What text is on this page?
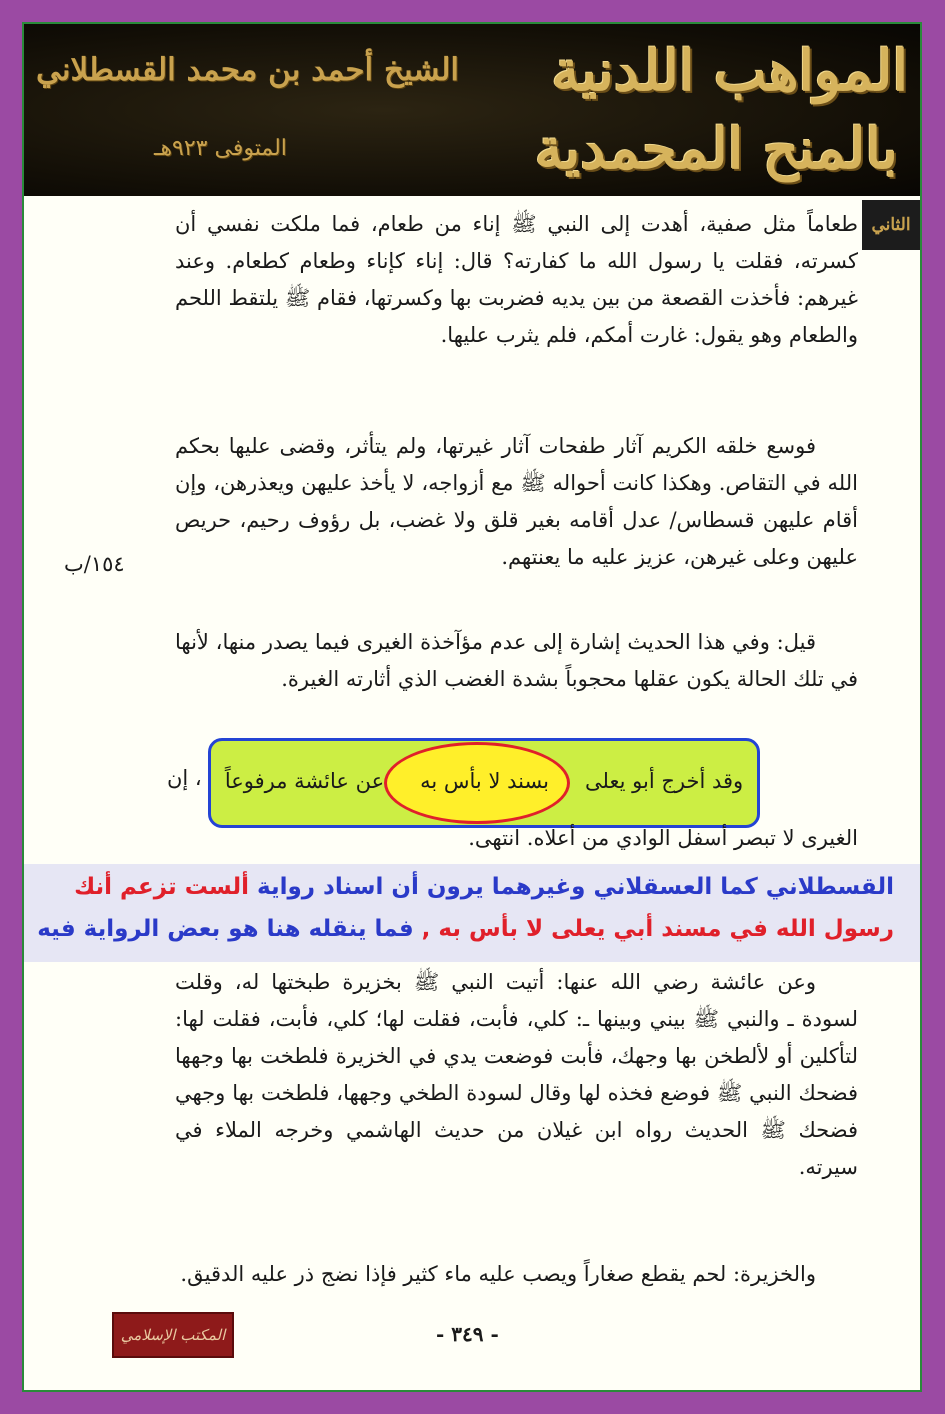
المواهب اللدنية
بالمنح المحمدية
الشيخ أحمد بن محمد القسطلاني
المتوفى ٩٢٣هـ
الثاني
طعاماً مثل صفية، أهدت إلى النبي ﷺ إناء من طعام، فما ملكت نفسي أن كسرته، فقلت يا رسول الله ما كفارته؟ قال: إناء كإناء وطعام كطعام. وعند غيرهم: فأخذت القصعة من بين يديه فضربت بها وكسرتها، فقام ﷺ يلتقط اللحم والطعام وهو يقول: غارت أمكم، فلم يثرب عليها.
فوسع خلقه الكريم آثار طفحات آثار غيرتها، ولم يتأثر، وقضى عليها بحكم الله في التقاص. وهكذا كانت أحواله ﷺ مع أزواجه، لا يأخذ عليهن ويعذرهن، وإن أقام عليهن قسطاس/ عدل أقامه بغير قلق ولا غضب، بل رؤوف رحيم، حريص عليهن وعلى غيرهن، عزيز عليه ما يعنتهم.
١٥٤/ب
قيل: وفي هذا الحديث إشارة إلى عدم مؤآخذة الغيرى فيما يصدر منها، لأنها في تلك الحالة يكون عقلها محجوباً بشدة الغضب الذي أثارته الغيرة.
وقد أخرج أبو يعلى
بسند لا بأس به
عن عائشة مرفوعاً
، إن
الغيرى لا تبصر أسفل الوادي من أعلاه. انتهى.
القسطلاني كما العسقلاني وغيرهما يرون أن اسناد رواية ألست تزعم أنك
رسول الله في مسند أبي يعلى لا بأس به , فما ينقله هنا هو بعض الرواية فيه
وعن عائشة رضي الله عنها: أتيت النبي ﷺ بخزيرة طبختها له، وقلت لسودة ـ والنبي ﷺ بيني وبينها ـ: كلي، فأبت، فقلت لها؛ كلي، فأبت، فقلت لها: لتأكلين أو لألطخن بها وجهك، فأبت فوضعت يدي في الخزيرة فلطخت بها وجهها فضحك النبي ﷺ فوضع فخذه لها وقال لسودة الطخي وجهها، فلطخت بها وجهي فضحك ﷺ الحديث رواه ابن غيلان من حديث الهاشمي وخرجه الملاء في سيرته.
والخزيرة: لحم يقطع صغاراً ويصب عليه ماء كثير فإذا نضج ذر عليه الدقيق.
المكتب الإسلامي	- ٣٤٩ -
